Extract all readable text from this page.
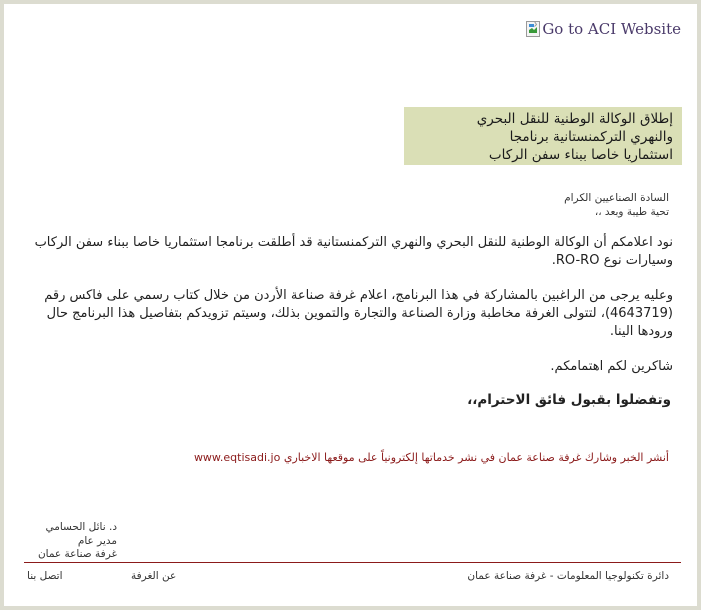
Go to ACI Website
إطلاق الوكالة الوطنية للنقل البحري
والنهري التركمنستانية برنامجا
استثماريا خاصا ببناء سفن الركاب
السادة الصناعيين الكرام
تحية طيبة وبعد ،،
نود اعلامكم أن الوكالة الوطنية للنقل البحري والنهري التركمنستانية قد أطلقت برنامجا استثماريا خاصا ببناء سفن الركاب وسيارات نوع RO-RO.
وعليه يرجى من الراغبين بالمشاركة في هذا البرنامج، اعلام غرفة صناعة الأردن من خلال كتاب رسمي على فاكس رقم (4643719)، لتتولى الغرفة مخاطبة وزارة الصناعة والتجارة والتموين بذلك، وسيتم تزويدكم بتفاصيل هذا البرنامج حال ورودها الينا.
شاكرين لكم اهتمامكم.
وتفضلوا بقبول فائق الاحترام،،
أنشر الخبر وشارك غرفة صناعة عمان في نشر خدماتها إلكترونياً على موقعها الاخباري www.eqtisadi.jo
د. نائل الحسامي
مدير عام
غرفة صناعة عمان
دائرة تكنولوجيا المعلومات - غرفة صناعة عمان
عن الغرفة
اتصل بنا
